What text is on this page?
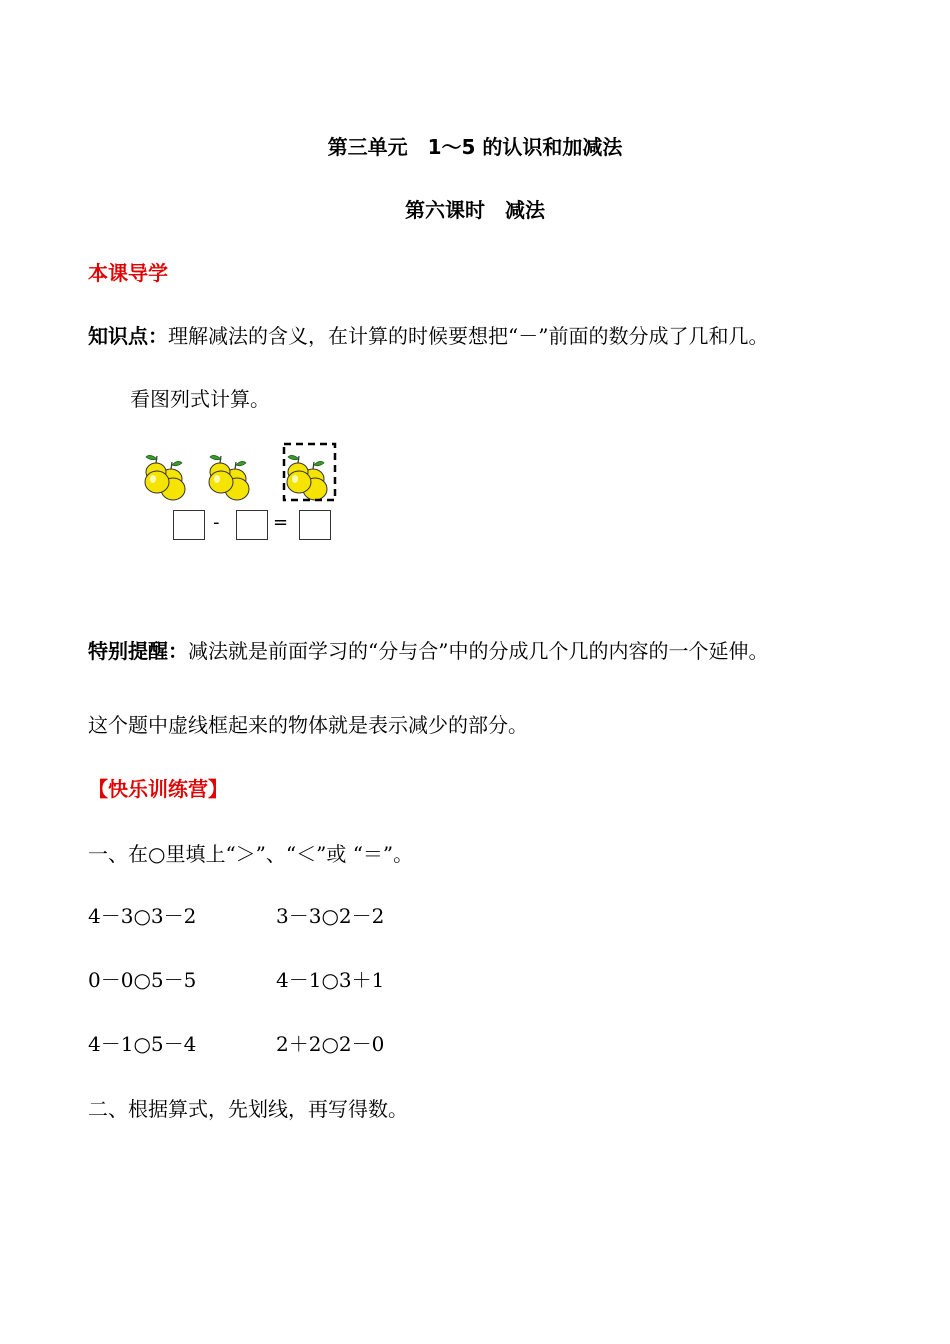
第三单元　1～5 的认识和加减法
第六课时　减法
本课导学
知识点：理解减法的含义，在计算的时候要想把“－”前面的数分成了几和几。
看图列式计算。
-	=
特别提醒：减法就是前面学习的“分与合”中的分成几个几的内容的一个延伸。
这个题中虚线框起来的物体就是表示减少的部分。
【快乐训练营】
一、在○里填上“＞”、“＜”或 “＝”。
4－3○3－2	3－3○2－2
0－0○5－5	4－1○3＋1
4－1○5－4	2＋2○2－0
二、根据算式，先划线，再写得数。
